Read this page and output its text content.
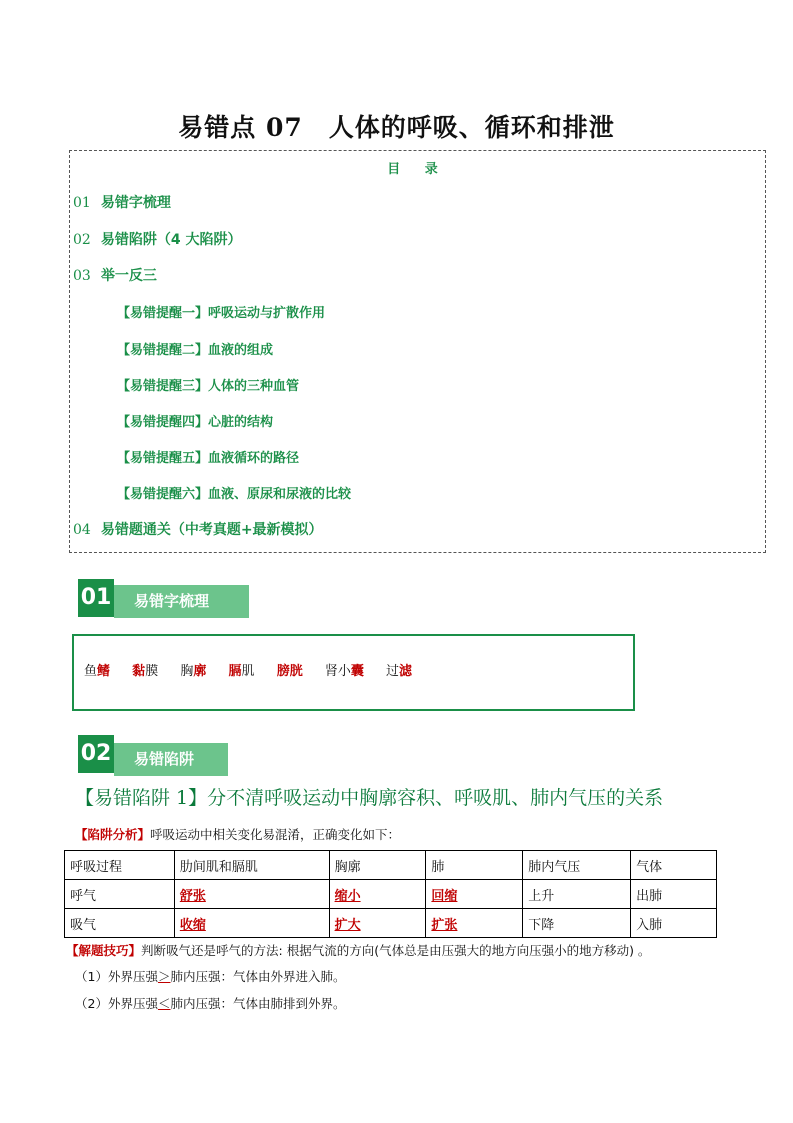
易错点 07　人体的呼吸、循环和排泄
目 录
01 易错字梳理
02 易错陷阱（4 大陷阱）
03 举一反三
【易错提醒一】呼吸运动与扩散作用
【易错提醒二】血液的组成
【易错提醒三】人体的三种血管
【易错提醒四】心脏的结构
【易错提醒五】血液循环的路径
【易错提醒六】血液、原尿和尿液的比较
04 易错题通关（中考真题+最新模拟）
易错字梳理
01
鱼鳍 黏膜 胸廓 膈肌 膀胱 肾小囊 过滤
易错陷阱
02
【易错陷阱 1】分不清呼吸运动中胸廓容积、呼吸肌、肺内气压的关系
【陷阱分析】呼吸运动中相关变化易混淆，正确变化如下：
呼吸过程	肋间肌和膈肌	胸廓	肺	肺内气压	气体
呼气	舒张	缩小	回缩	上升	出肺
吸气	收缩	扩大	扩张	下降	入肺
【解题技巧】判断吸气还是呼气的方法: 根据气流的方向(气体总是由压强大的地方向压强小的地方移动) 。
（1）外界压强＞肺内压强：气体由外界进入肺。
（2）外界压强＜肺内压强：气体由肺排到外界。
